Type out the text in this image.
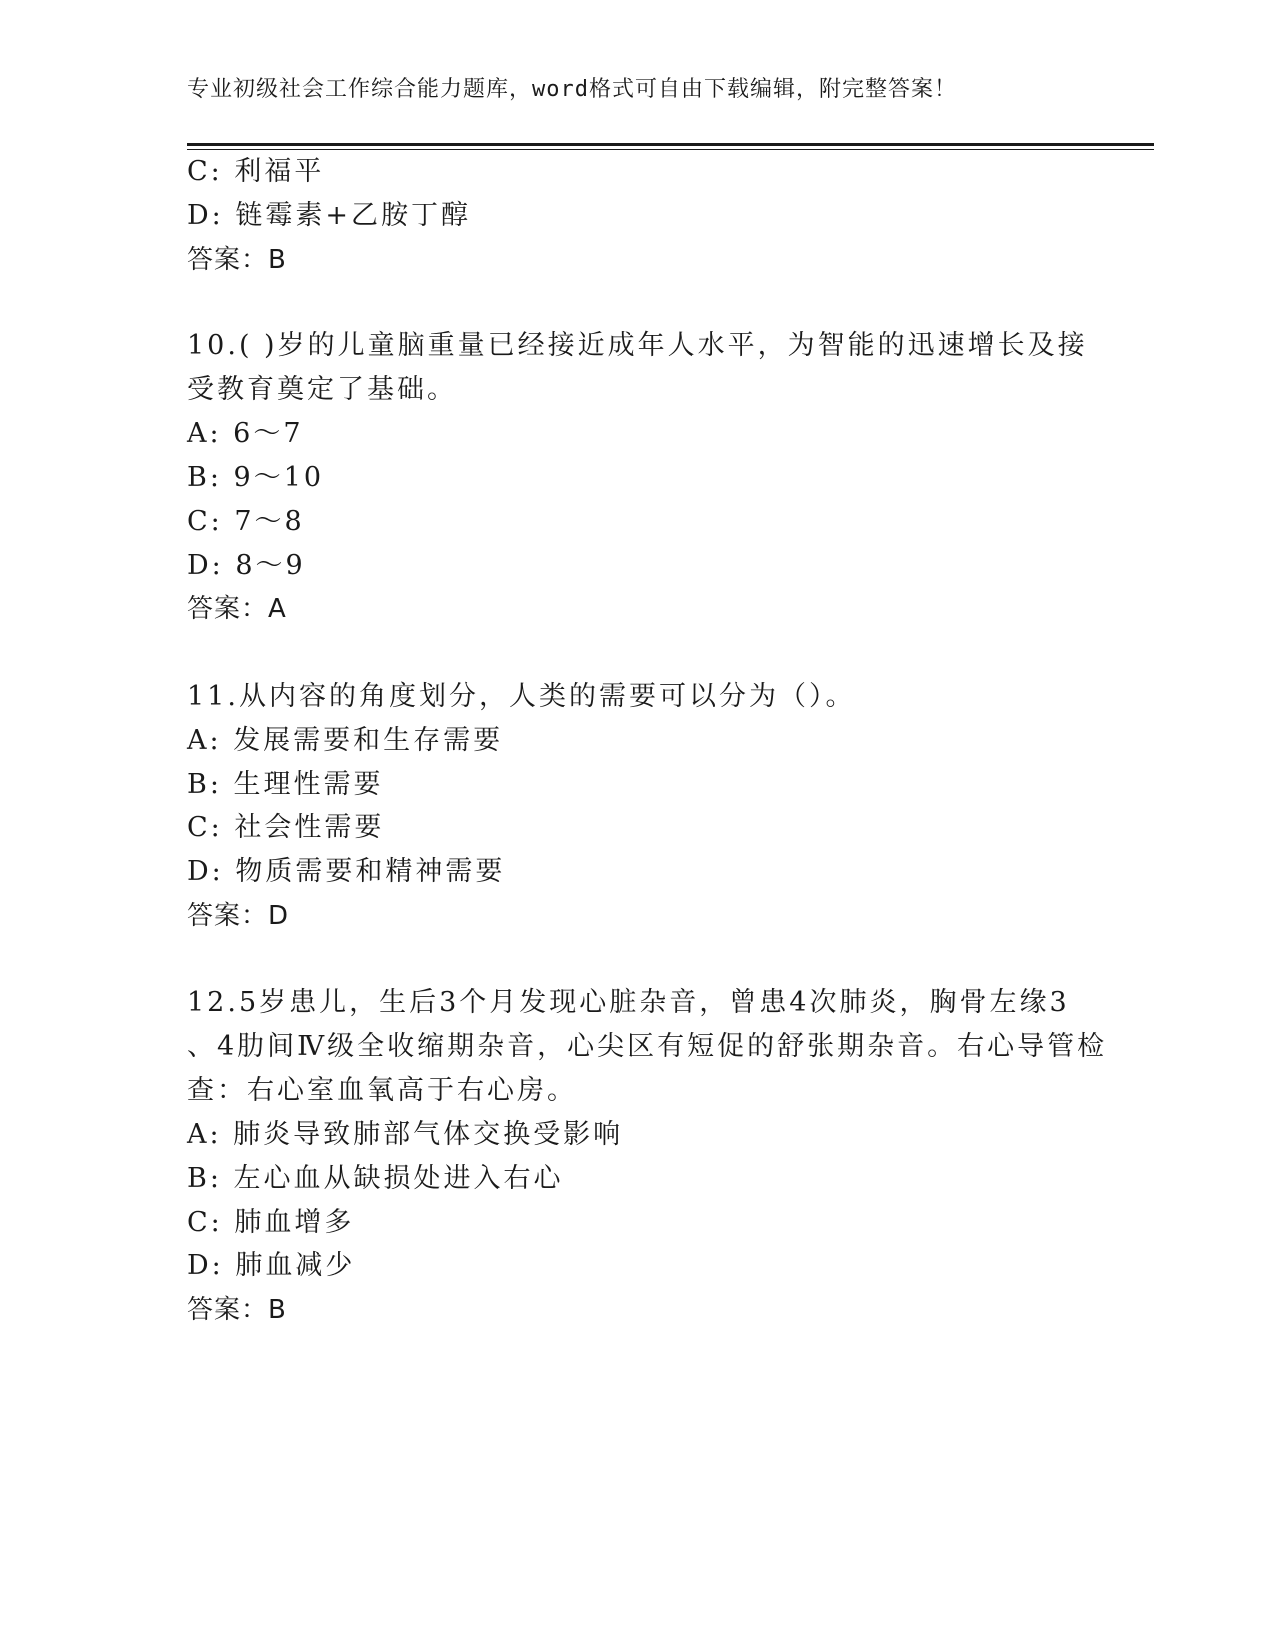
专业初级社会工作综合能力题库，word格式可自由下载编辑，附完整答案！
C: 利福平
D: 链霉素+乙胺丁醇
答案：B
10.( )岁的儿童脑重量已经接近成年人水平，为智能的迅速增长及接
受教育奠定了基础。
A: 6～7
B: 9～10
C: 7～8
D: 8～9
答案：A
11.从内容的角度划分，人类的需要可以分为（）。
A: 发展需要和生存需要
B: 生理性需要
C: 社会性需要
D: 物质需要和精神需要
答案：D
12.5岁患儿，生后3个月发现心脏杂音，曾患4次肺炎，胸骨左缘3
、4肋间Ⅳ级全收缩期杂音，心尖区有短促的舒张期杂音。右心导管检
查：右心室血氧高于右心房。
A: 肺炎导致肺部气体交换受影响
B: 左心血从缺损处进入右心
C: 肺血增多
D: 肺血减少
答案：B
